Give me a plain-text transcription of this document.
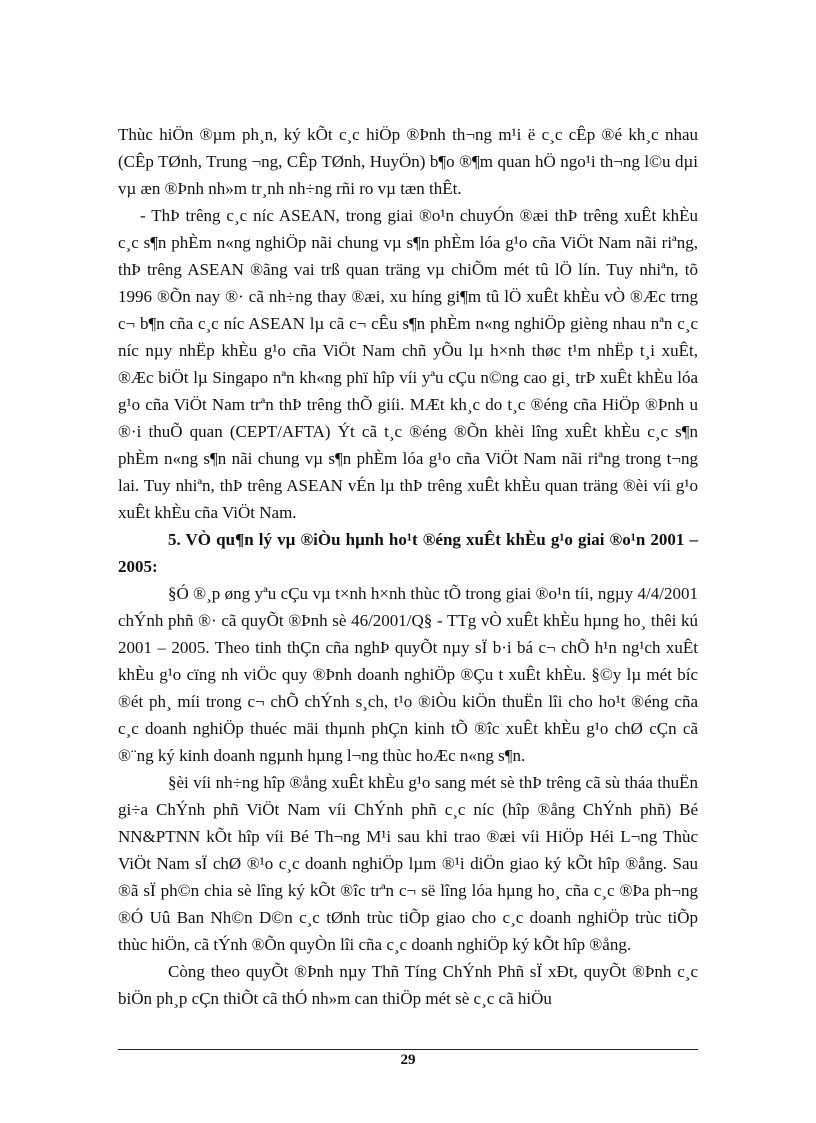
Thùc hiÖn ®µm ph¸n, ký kÕt c¸c hiÖp ®Þnh th¬ng m¹i ë c¸c cÊp ®é kh¸c nhau (CÊp TØnh, Trung ¬ng, CÊp TØnh, HuyÖn) b¶o ®¶m quan hÖ ngo¹i th¬ng l©u dµi vµ æn ®Þnh nh»m tr¸nh nh÷ng rñi ro vµ tæn thÊt.

- ThÞ trêng c¸c níc ASEAN, trong giai ®o¹n chuyÓn ®æi thÞ trêng xuÊt khÈu c¸c s¶n phÈm n«ng nghiÖp nãi chung vµ s¶n phÈm lóa g¹o cña ViÖt Nam nãi riªng, thÞ trêng ASEAN ®ãng vai trß quan träng vµ chiÕm mét tû lÖ lín. Tuy nhiªn, tõ 1996 ®Õn nay ®· cã nh÷ng thay ®æi, xu híng gi¶m tû lÖ xuÊt khÈu vÒ ®Æc trng c¬ b¶n cña c¸c níc ASEAN lµ cã c¬ cÊu s¶n phÈm n«ng nghiÖp gièng nhau nªn c¸c níc nµy nhËp khÈu g¹o cña ViÖt Nam chñ yÕu lµ h×nh thøc t¹m nhËp t¸i xuÊt, ®Æc biÖt lµ Singapo nªn kh«ng phï hîp víi yªu cÇu n©ng cao gi¸ trÞ xuÊt khÈu lóa g¹o cña ViÖt Nam trªn thÞ trêng thÕ giíi. MÆt kh¸c do t¸c ®éng cña HiÖp ®Þnh u ®·i thuÕ quan (CEPT/AFTA) Ýt cã t¸c ®éng ®Õn khèi lîng xuÊt khÈu c¸c s¶n phÈm n«ng s¶n nãi chung vµ s¶n phÈm lóa g¹o cña ViÖt Nam nãi riªng trong t¬ng lai. Tuy nhiªn, thÞ trêng ASEAN vÉn lµ thÞ trêng xuÊt khÈu quan träng ®èi víi g¹o xuÊt khÈu cña ViÖt Nam.

5. VÒ qu¶n lý vµ ®iÒu hµnh ho¹t ®éng xuÊt khÈu g¹o giai ®o¹n 2001 – 2005:

§Ó ®¸p øng yªu cÇu vµ t×nh h×nh thùc tÕ trong giai ®o¹n tíi, ngµy 4/4/2001 chÝnh phñ ®· cã quyÕt ®Þnh sè 46/2001/Q§ - TTg vÒ xuÊt khÈu hµng ho¸ thêi kú 2001 – 2005. Theo tinh thÇn cña nghÞ quyÕt nµy sÏ b·i bá c¬ chÕ h¹n ng¹ch xuÊt khÈu g¹o cïng nh viÖc quy ®Þnh doanh nghiÖp ®Çu t xuÊt khÈu. §©y lµ mét bíc ®ét ph¸ míi trong c¬ chÕ chÝnh s¸ch, t¹o ®iÒu kiÖn thuËn lîi cho ho¹t ®éng cña c¸c doanh nghiÖp thuéc mäi thµnh phÇn kinh tÕ ®îc xuÊt khÈu g¹o chØ cÇn cã ®¨ng ký kinh doanh ngµnh hµng l¬ng thùc hoÆc n«ng s¶n.

§èi víi nh÷ng hîp ®ång xuÊt khÈu g¹o sang mét sè thÞ trêng cã sù tháa thuËn gi÷a ChÝnh phñ ViÖt Nam víi ChÝnh phñ c¸c níc (hîp ®ång ChÝnh phñ) Bé NN&PTNN kÕt hîp víi Bé Th¬ng M¹i sau khi trao ®æi víi HiÖp Héi L¬ng Thùc ViÖt Nam sÏ chØ ®¹o c¸c doanh nghiÖp lµm ®¹i diÖn giao ký kÕt hîp ®ång. Sau ®ã sÏ ph©n chia sè lîng ký kÕt ®îc trªn c¬ së lîng lóa hµng ho¸ cña c¸c ®Þa ph¬ng ®Ó Uû Ban Nh©n D©n c¸c tØnh trùc tiÕp giao cho c¸c doanh nghiÖp trùc tiÕp thùc hiÖn, cã tÝnh ®Õn quyÒn lîi cña c¸c doanh nghiÖp ký kÕt hîp ®ång.

Còng theo quyÕt ®Þnh nµy Thñ Tíng ChÝnh Phñ sÏ xÐt, quyÕt ®Þnh c¸c biÖn ph¸p cÇn thiÕt cã thÓ nh»m can thiÖp mét sè c¸c cã hiÖu

29
